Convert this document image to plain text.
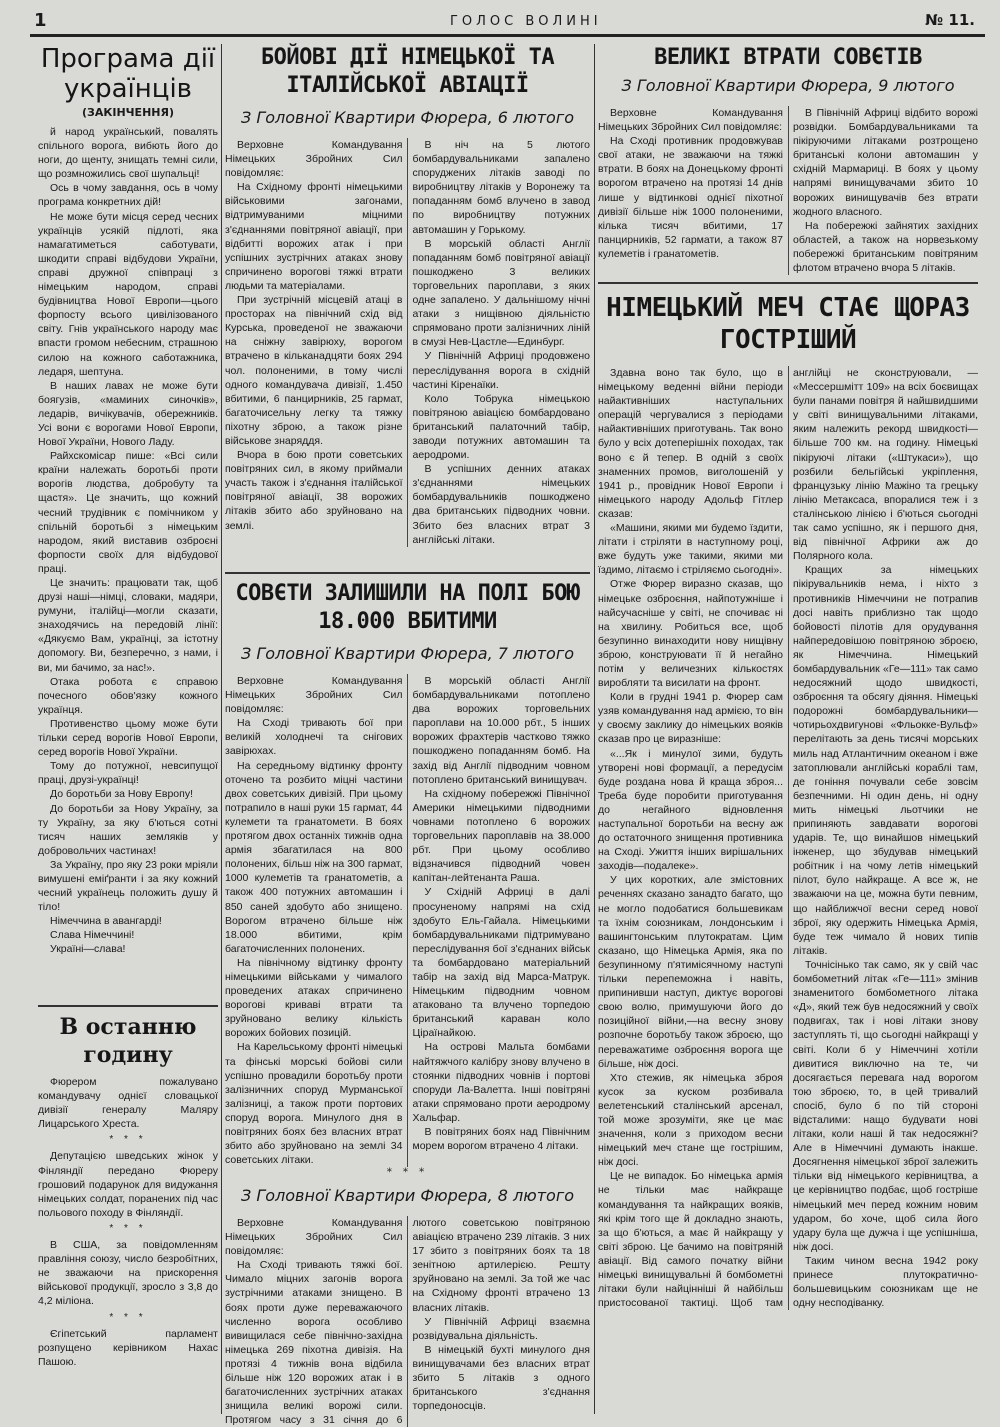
1	ГОЛОС ВОЛИНІ	№ 11.
Програма дії українців
(ЗАКІНЧЕННЯ)

й народ український, повалять спільного ворога, вибють його до ноги, до щенту, знищать темні сили, що розмножились свої шупальці!

Ось в чому завдання, ось в чому програма конкретних дій!

Не може бути місця серед чесних українців усякій підлоті, яка намагатиметься саботувати, шкодити справі відбудови України, справі дружної співпраці з німецьким народом, справі будівництва Нової Европи—цього форпосту всього цивілізованого світу. Гнів українського народу має впасти громом небесним, страшною силою на кожного саботажника, ледаря, шептуна.

В наших лавах не може бути боягузів, «маминих синочків», ледарів, вичікувачів, обережників. Усі вони є ворогами Нової Европи, Нової України, Нового Ладу.

Райхскомісар пише: «Всі сили краïни належать боротьбі проти ворогів людства, добробуту та щастя». Це значить, що кожний чесний трудівник є помічником у спільній боротьбі з німецьким народом, який виставив озброєні форпости своїх для відбудової праці.

Це значить: працювати так, щоб друзі наші—німці, словаки, мадяри, румуни, італійці—могли сказати, знаходячись на передовій лінії: «Дякуємо Вам, українці, за істотну допомогу. Ви, безперечно, з нами, і ви, ми бачимо, за нас!».

Отака робота є справою почесного обов'язку кожного українця.

Противенство цьому може бути тільки серед ворогів Нової Европи, серед ворогів Нової України.

Тому до потужної, невсипущої праці, друзі-українці!

До боротьби за Нову Европу!

До боротьби за Нову Україну, за ту Україну, за яку б'ються сотні тисяч наших земляків у добровольчих частинах!

За Україну, про яку 23 роки мріяли вимушені еміґранти і за яку кожний чесний українець положить душу й тіло!

Німеччина в авангарді!

Слава Німеччині!

Україні—слава!

В останню годину

Фюрером пожалувано командувачу однієї словацької дивізії генералу Маляру Лицарського Хреста.

* * *

Депутацією шведських жінок у Фінляндії передано Фюреру грошовий подарунок для видужання німецьких солдат, поранених під час польового походу в Фінляндії.

* * *

В США, за повідомленням правління союзу, число безробітних, не зважаючи на прискорення військової продукції, зросло з 3,8 до 4,2 міліона.

* * *

Єгіпетський парламент розпущено керівником Нахас Пашою.

БОЙОВІ ДІЇ НІМЕЦЬКОЇ ТА ІТАЛІЙСЬКОЇ АВІАЦІЇ
З Головної Квартири Фюрера, 6 лютого

Верховне Командування Німецьких Збройних Сил повідомляє:

На Східному фронті німецькими військовими загонами, відтримуваними міцними з'єднаннями повітряної авіації, при відбитті ворожих атак і при успішних зустрічних атаках знову спричинено ворогові тяжкі втрати людьми та матеріалами.

При зустрічній місцевій атаці в просторах на північний схід від Курська, проведеної не зважаючи на сніжну завірюху, ворогом втрачено в кільканадцяти боях 294 чол. полоненими, в тому числі одного командувача дивізії, 1.450 вбитими, 6 панцирників, 25 гармат, багаточисельну легку та тяжку піхотну зброю, а також різне військове знаряддя.

Вчора в бою проти советських повітряних сил, в якому приймали участь також і з'єднання італійської повітряної авіації, 38 ворожих літаків збито або зруйновано на землі.

В ніч на 5 лютого бомбардувальниками запалено споруджених літаків заводі по виробництву літаків у Воронежу та попаданням бомб влучено в завод по виробництву потужних автомашин у Горькому.

В морській області Англії попаданням бомб повітряної авіації пошкоджено 3 великих торговельних пароплави, з яких одне запалено. У дальнішому нічні атаки з нищівною діяльністю спрямовано проти залізничних ліній в смузі Нев-Цастле—Единбург.

У Північній Африці продовжено переслідування ворога в східній частині Кіренаїки.

Коло Тобрука німецькою повітряною авіацією бомбардовано британський палаточний табір, заводи потужних автомашин та аеродроми.

В успішних денних атаках з'єднаннями німецьких бомбардувальників пошкоджено два британських підводних човни. Збито без власних втрат 3 англійські літаки.

СОВЄТИ ЗАЛИШИЛИ НА ПОЛІ БОЮ 18.000 ВБИТИМИ
З Головної Квартири Фюрера, 7 лютого

Верховне Командування Німецьких Збройних Сил повідомляє:

На Сході тривають бої при великій холоднечі та снігових завірюхах.

На середньому відтинку фронту оточено та розбито міцні частини двох советських дивізій. При цьому потрапило в наші руки 15 гармат, 44 кулемети та гранатомети. В боях протягом двох останніх тижнів одна армія збагатилася на 800 полонених, більш ніж на 300 гармат, 1000 кулеметів та гранатометів, а також 400 потужних автомашин і 850 саней здобуто або знищено. Ворогом втрачено більше ніж 18.000 вбитими, крім багаточисленних полонених.

На північному відтинку фронту німецькими військами у чималого проведених атаках спричинено ворогові криваві втрати та зруйновано велику кількість ворожих бойових позицій.

На Карельському фронті німецькі та фінські морські бойові сили успішно провадили боротьбу проти залізничних споруд Мурманської залізниці, а також проти портових споруд ворога. Минулого дня в повітряних боях без власних втрат збито або зруйновано на землі 34 советських літаки.

В морській області Англії бомбардувальниками потоплено два ворожих торговельних пароплави на 10.000 рбт., 5 інших ворожих фрахтерів частково тяжко пошкоджено попаданням бомб. На захід від Англії підводним човном потоплено британський винищувач.

На східному побережжі Північної Америки німецькими підводними човнами потоплено 6 ворожих торговельних пароплавів на 38.000 рбт. При цьому особливо відзначився підводний човен капітан-лейтенанта Раша.

У Східній Африці в далі просуненому напрямі на схід здобуто Ель-Гайала. Німецькими бомбардувальниками підтримувано переслідування бої з'єднаних військ та бомбардовано матеріальний табір на захід від Марса-Матрук. Німецьким підводним човном атаковано та влучено торпедою британський караван коло Ціраїнайкою.

На острові Мальта бомбами найтяжчого калібру знову влучено в стоянки підводних човнів і портові споруди Ла-Валетта. Інші повітряні атаки спрямовано проти аеродрому Хальфар.

В повітряних боях над Північним морем ворогом втрачено 4 літаки.

* * *
З Головної Квартири Фюрера, 8 лютого

Верховне Командування Німецьких Збройних Сил повідомляє:

На Сході тривають тяжкі бої. Чимало міцних загонів ворога зустрічними атаками знищено. В боях проти дуже переважаючого численно ворога особливо вивищилася себе північно-західна німецька 269 піхотна дивізія. На протязі 4 тижнів вона відбила більше ніж 120 ворожих атак і в багаточисленних зустрічних атаках знищила великі ворожі сили. Протягом часу з 31 січня до 6 лютого советською повітряною авіацією втрачено 239 літаків. З них 17 збито з повітряних боях та 18 зенітною артилерією. Решту зруйновано на землі. За той же час на Східному фронті втрачено 13 власних літаків.

У Північній Африці взаємна розвідувальна діяльність.

В німецькій бухті минулого дня винищувачами без власних втрат збито 5 літаків з одного британського з'єднання торпедоносців.

ВЕЛИКІ ВТРАТИ СОВЄТІВ
З Головної Квартири Фюрера, 9 лютого

Верховне Командування Німецьких Збройних Сил повідомляє:

На Сході противник продовжував свої атаки, не зважаючи на тяжкі втрати. В боях на Донецькому фронті ворогом втрачено на протязі 14 днів лише у відтинкові однієї піхотної дивізії більше ніж 1000 полоненими, кілька тисяч вбитими, 17 панцирників, 52 гармати, а також 87 кулеметів і гранатометів.

В Північній Африці відбито ворожі розвідки. Бомбардувальниками та пікіруючими літаками розтрощено британські колони автомашин у східній Мармариці. В боях у цьому напрямі винищувачами збито 10 ворожих винищувачів без втрати жодного власного.

На побережжі зайнятих західних областей, а також на норвезькому побережжі британським повітряним флотом втрачено вчора 5 літаків.

НІМЕЦЬКИЙ МЕЧ СТАЄ ЩОРАЗ ГОСТРІШИЙ

Здавна воно так було, що в німецькому веденні війни періоди найактивніших наступальних операцій чергувалися з періодами найактивніших приготувань. Так воно було у всіх дотеперішніх походах, так воно є й тепер. В одній з своїх знаменних промов, виголошеній у 1941 р., провідник Нової Европи і німецького народу Адольф Гітлер сказав:

«Машини, якими ми будемо їздити, літати і стріляти в наступному році, вже будуть уже такими, якими ми їздимо, літаємо і стріляємо сьогодні».

Отже Фюрер виразно сказав, що німецьке озброєння, найпотужніше і найсучасніше у світі, не спочиває ні на хвилину. Робиться все, щоб безупинно винаходити нову нищівну зброю, конструювати її й негайно потім у величезних кількостях виробляти та висилати на фронт.

Коли в грудні 1941 р. Фюрер сам узяв командування над армією, то він у своєму заклику до німецьких вояків сказав про це виразніше:

«...Як і минулої зими, будуть утворені нові формації, а передусім буде роздана нова й краща зброя... Треба буде поробити приготування до негайного відновлення наступальної боротьби на весну аж до остаточного знищення противника на Сході. Ужиття інших вирішальних заходів—подалеке».

У цих коротких, але змістовних реченнях сказано занадто багато, що не могло подобатися большевикам та їхнім союзникам, лондонським і вашингтонським плутократам. Цим сказано, що Німецька Армія, яка по безупинному п'ятимісячному наступі тільки перепеможна і навіть, припинивши наступ, диктує ворогові свою волю, примушуючи його до позиційної війни,—на весну знову розпочне боротьбу також зброєю, що переважатиме озброєння ворога ще більше, ніж досі.

Хто стежив, як німецька зброя кусок за куском розбивала велетенський сталінський арсенал, той може зрозуміти, яке це має значення, коли з приходом весни німецький меч стане ще гострішим, ніж досі.

Це не випадок. Бо німецька армія не тільки має найкраще командування та найкращих вояків, які крім того ще й докладно знають, за що б'ються, а має й найкращу у світі зброю. Це бачимо на повітряній авіації. Від самого початку війни німецькі винищувальні й бомбометні літаки були найцінніші й найбільш пристосованої тактиці. Щоб там англійці не сконструювали, — «Мессершмітт 109» на всіх боєвищах були панами повітря й найшвидшими у світі винищувальними літаками, яким належить рекорд швидкості—більше 700 км. на годину. Німецькі пікіруючі літаки («Штукаси»), що розбили бельгійські укріплення, французьку лінію Мажіно та грецьку лінію Метаксаса, впоралися теж і з сталінською лінією і б'ються сьогодні так само успішно, як і першого дня, від північної Африки аж до Полярного кола.

Кращих за німецьких пікірувальників нема, і ніхто з противників Німеччини не потрапив досі навіть приблизно так щодо бойовості пілотів для орудування найпередовішою повітряною зброєю, як Німеччина. Німецький бомбардувальник «Ге—111» так само недосяжний щодо швидкості, озброєння та обсягу діяння. Німецькі подорожні бомбардувальники—чотирьохдвигунові «Фльокке-Вульф» перелітають за день тисячі морських миль над Атлантичним океаном і вже затоплювали англійські кораблі там, де гоніння почували себе зовсім безпечними. Ні один день, ні одну мить німецькі льотчики не припиняють завдавати ворогові ударів. Те, що винайшов німецький інженер, що збудував німецький робітник і на чому летів німецький пілот, було найкраще. А все ж, не зважаючи на це, можна бути певним, що найближчої весни серед нової зброї, яку одержить Німецька Армія, буде теж чимало й нових типів літаків.

Точнісінько так само, як у свій час бомбометний літак «Ге—111» змінив знаменитого бомбометного літака «Д», який теж був недосяжний у своїх подвигах, так і нові літаки знову заступлять ті, що сьогодні найкращі у світі. Коли б у Німеччині хотіли дивитися виключно на те, чи досягається перевага над ворогом тою зброєю, то, в цей тривалий спосіб, було б по тій стороні відсталими: нащо будувати нові літаки, коли наші й так недосяжні? Але в Німеччині думають інакше. Досягнення німецької зброї залежить тільки від німецького керівництва, а це керівництво подбає, щоб гостріше німецький меч перед кожним новим ударом, бо хоче, щоб сила його удару була ще дужча і ще успішніша, ніж досі.

Таким чином весна 1942 року принесе плутократично-большевицьким союзникам ще не одну несподіванку.
